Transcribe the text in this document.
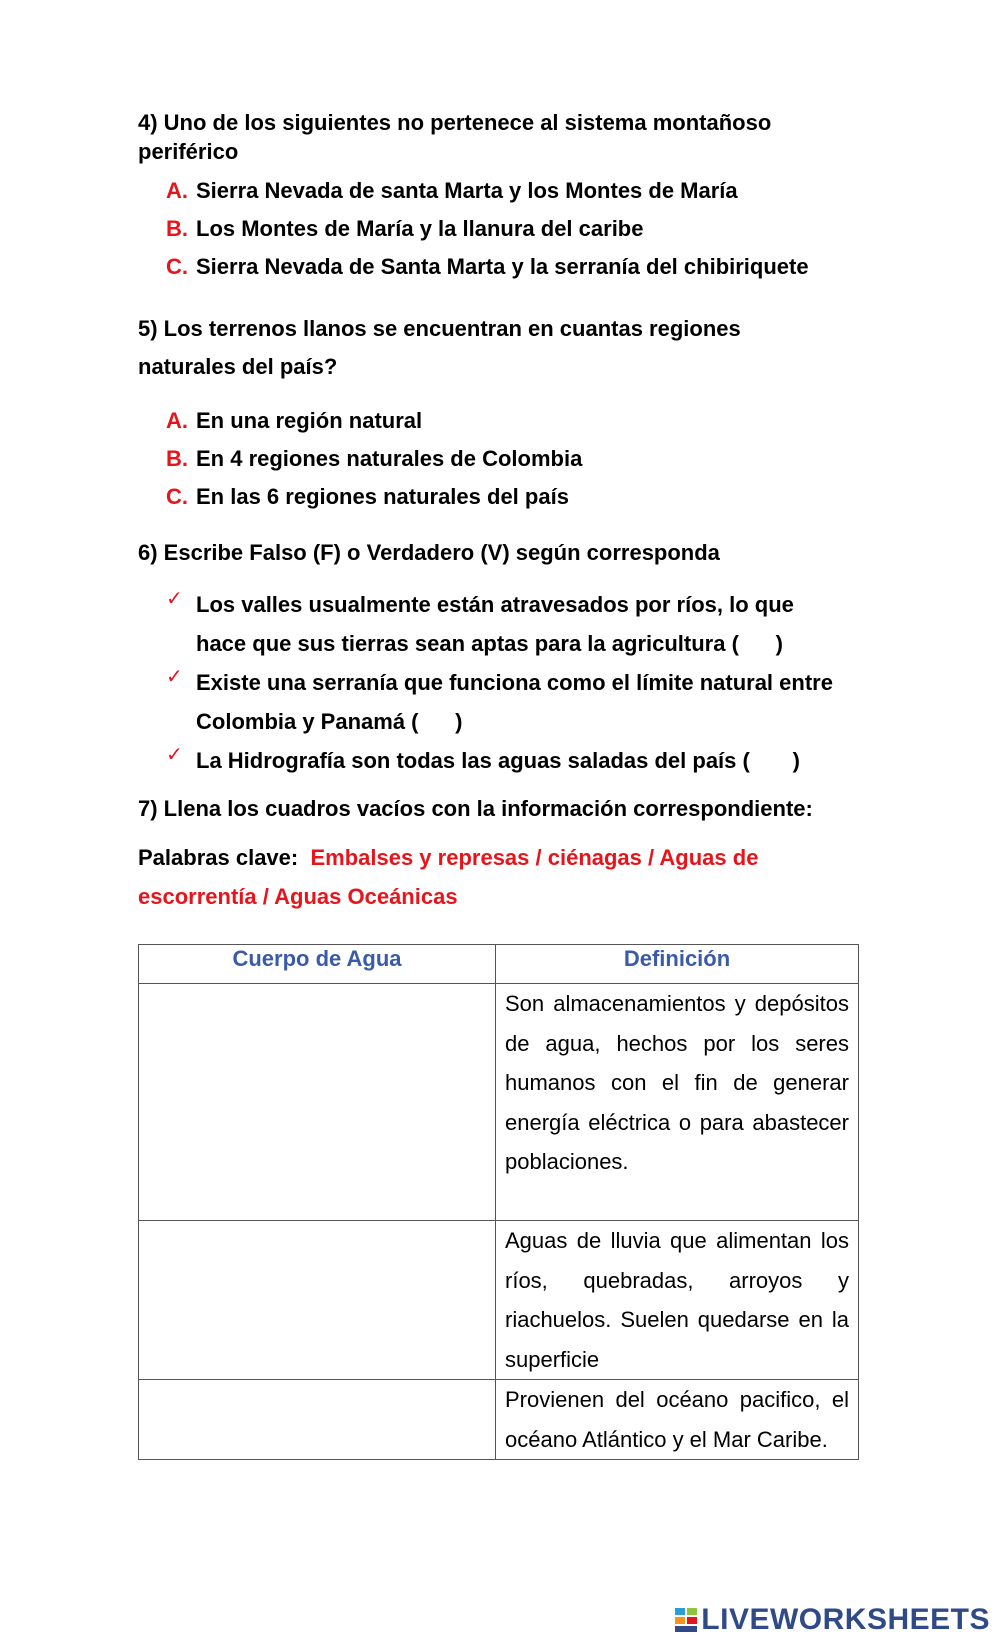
4) Uno de los siguientes no pertenece al sistema montañoso
periférico
A. Sierra Nevada de santa Marta y los Montes de María
B. Los Montes de María y la llanura del caribe
C. Sierra Nevada de Santa Marta y la serranía del chibiriquete
5) Los terrenos llanos se encuentran en cuantas regiones
naturales del país?
A. En una región natural
B. En 4 regiones naturales de Colombia
C. En las 6 regiones naturales del país
6) Escribe Falso (F) o Verdadero (V) según corresponda
✓ Los valles usualmente están atravesados por ríos, lo que
hace que sus tierras sean aptas para la agricultura (      )
✓ Existe una serranía que funciona como el límite natural entre
Colombia y Panamá (      )
✓ La Hidrografía son todas las aguas saladas del país (       )
7) Llena los cuadros vacíos con la información correspondiente:
Palabras clave: Embalses y represas / ciénagas / Aguas de
escorrentía / Aguas Oceánicas
Cuerpo de Agua	Definición
	Son almacenamientos y depósitos de agua, hechos por los seres humanos con el fin de generar energía eléctrica o para abastecer poblaciones.
	Aguas de lluvia que alimentan los ríos, quebradas, arroyos y riachuelos. Suelen quedarse en la superficie
	Provienen del océano pacifico, el océano Atlántico y el Mar Caribe.
LIVEWORKSHEETS
